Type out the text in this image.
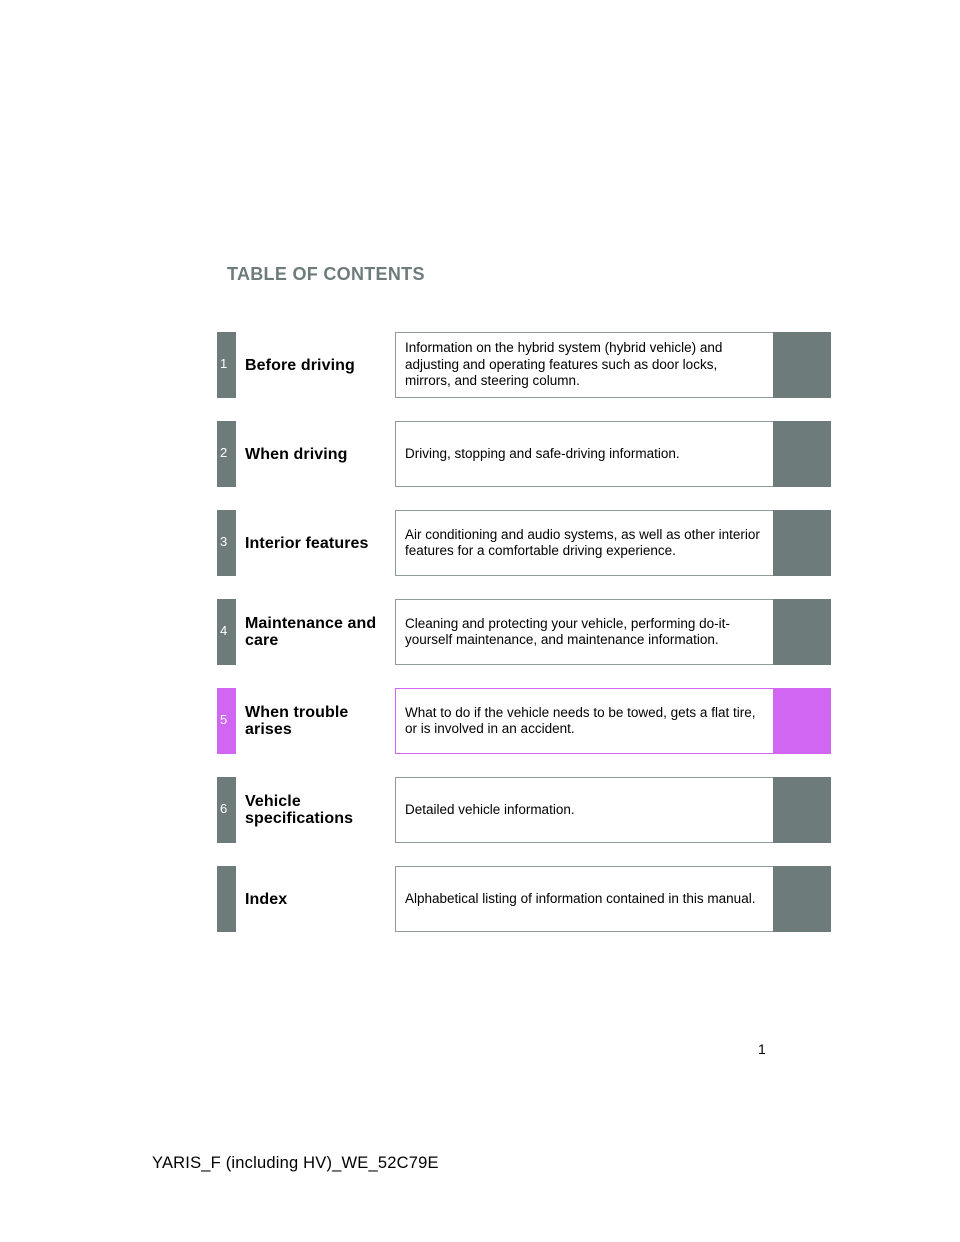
TABLE OF CONTENTS
1 Before driving
Information on the hybrid system (hybrid vehicle) and adjusting and operating features such as door locks, mirrors, and steering column.
2 When driving	Driving, stopping and safe-driving information.
3 Interior features
Air conditioning and audio systems, as well as other interior features for a comfortable driving experience.
4 Maintenance and care
Cleaning and protecting your vehicle, performing do-it-yourself maintenance, and maintenance information.
5 When trouble arises
What to do if the vehicle needs to be towed, gets a flat tire, or is involved in an accident.
6 Vehicle specifications
Detailed vehicle information.
Index	Alphabetical listing of information contained in this manual.
1
YARIS_F (including HV)_WE_52C79E
